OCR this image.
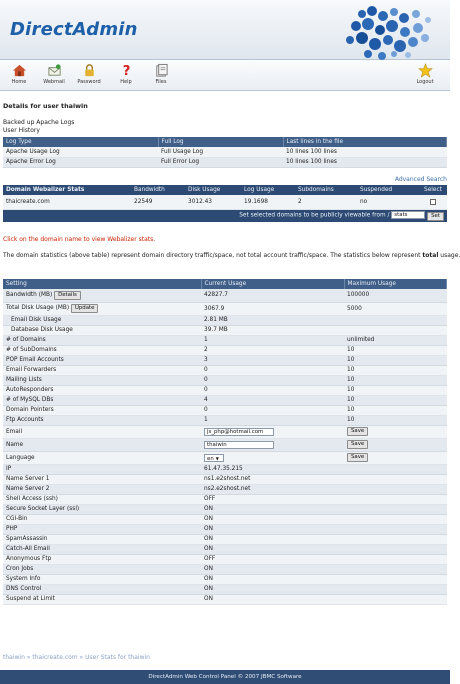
DirectAdmin
Home	Webmail	Password
?
Help	Files	Logout
Details for user thaiwin
Backed up Apache Logs
User History
Log Type	Full Log	Last lines in the file
Apache Usage Log	Full Usage Log	10 lines 100 lines
Apache Error Log	Full Error Log	10 lines 100 lines
Advanced Search
Domain Webalizer Stats	Bandwidth	Disk Usage	Log Usage	Subdomains	Suspended	Select
thaicreate.com	22549	3012.43	19.1698	2	no	
Set selected domains to be publicly viewable from / stats Set						
Click on the domain name to view Webalizer stats.
The domain statistics (above table) represent domain directory traffic/space, not total account traffic/space. The statistics below represent total usage.
Setting	Current Usage	Maximum Usage
Bandwidth (MB) Details	42827.7	100000
Total Disk Usage (MB) Update	3067.9	5000
Email Disk Usage	2.81 MB	
Database Disk Usage	39.7 MB	
# of Domains	1	unlimited
# of SubDomains	2	10
POP Email Accounts	3	10
Email Forwarders	0	10
Mailing Lists	0	10
AutoResponders	0	10
# of MySQL DBs	4	10
Domain Pointers	0	10
Ftp Accounts	1	10
Email	js_php@hotmail.com	Save
Name	thaiwin	Save
Language	en ▼	Save
IP	61.47.35.215	
Name Server 1	ns1.e2shost.net	
Name Server 2	ns2.e2shost.net	
Shell Access (ssh)	OFF	
Secure Socket Layer (ssl)	ON	
CGI-Bin	ON	
PHP	ON	
SpamAssassin	ON	
Catch-All Email	ON	
Anonymous Ftp	OFF	
Cron Jobs	ON	
System Info	ON	
DNS Control	ON	
Suspend at Limit	ON	
thaiwin » thaicreate.com » User Stats for thaiwin
DirectAdmin Web Control Panel © 2007 JBMC Software
